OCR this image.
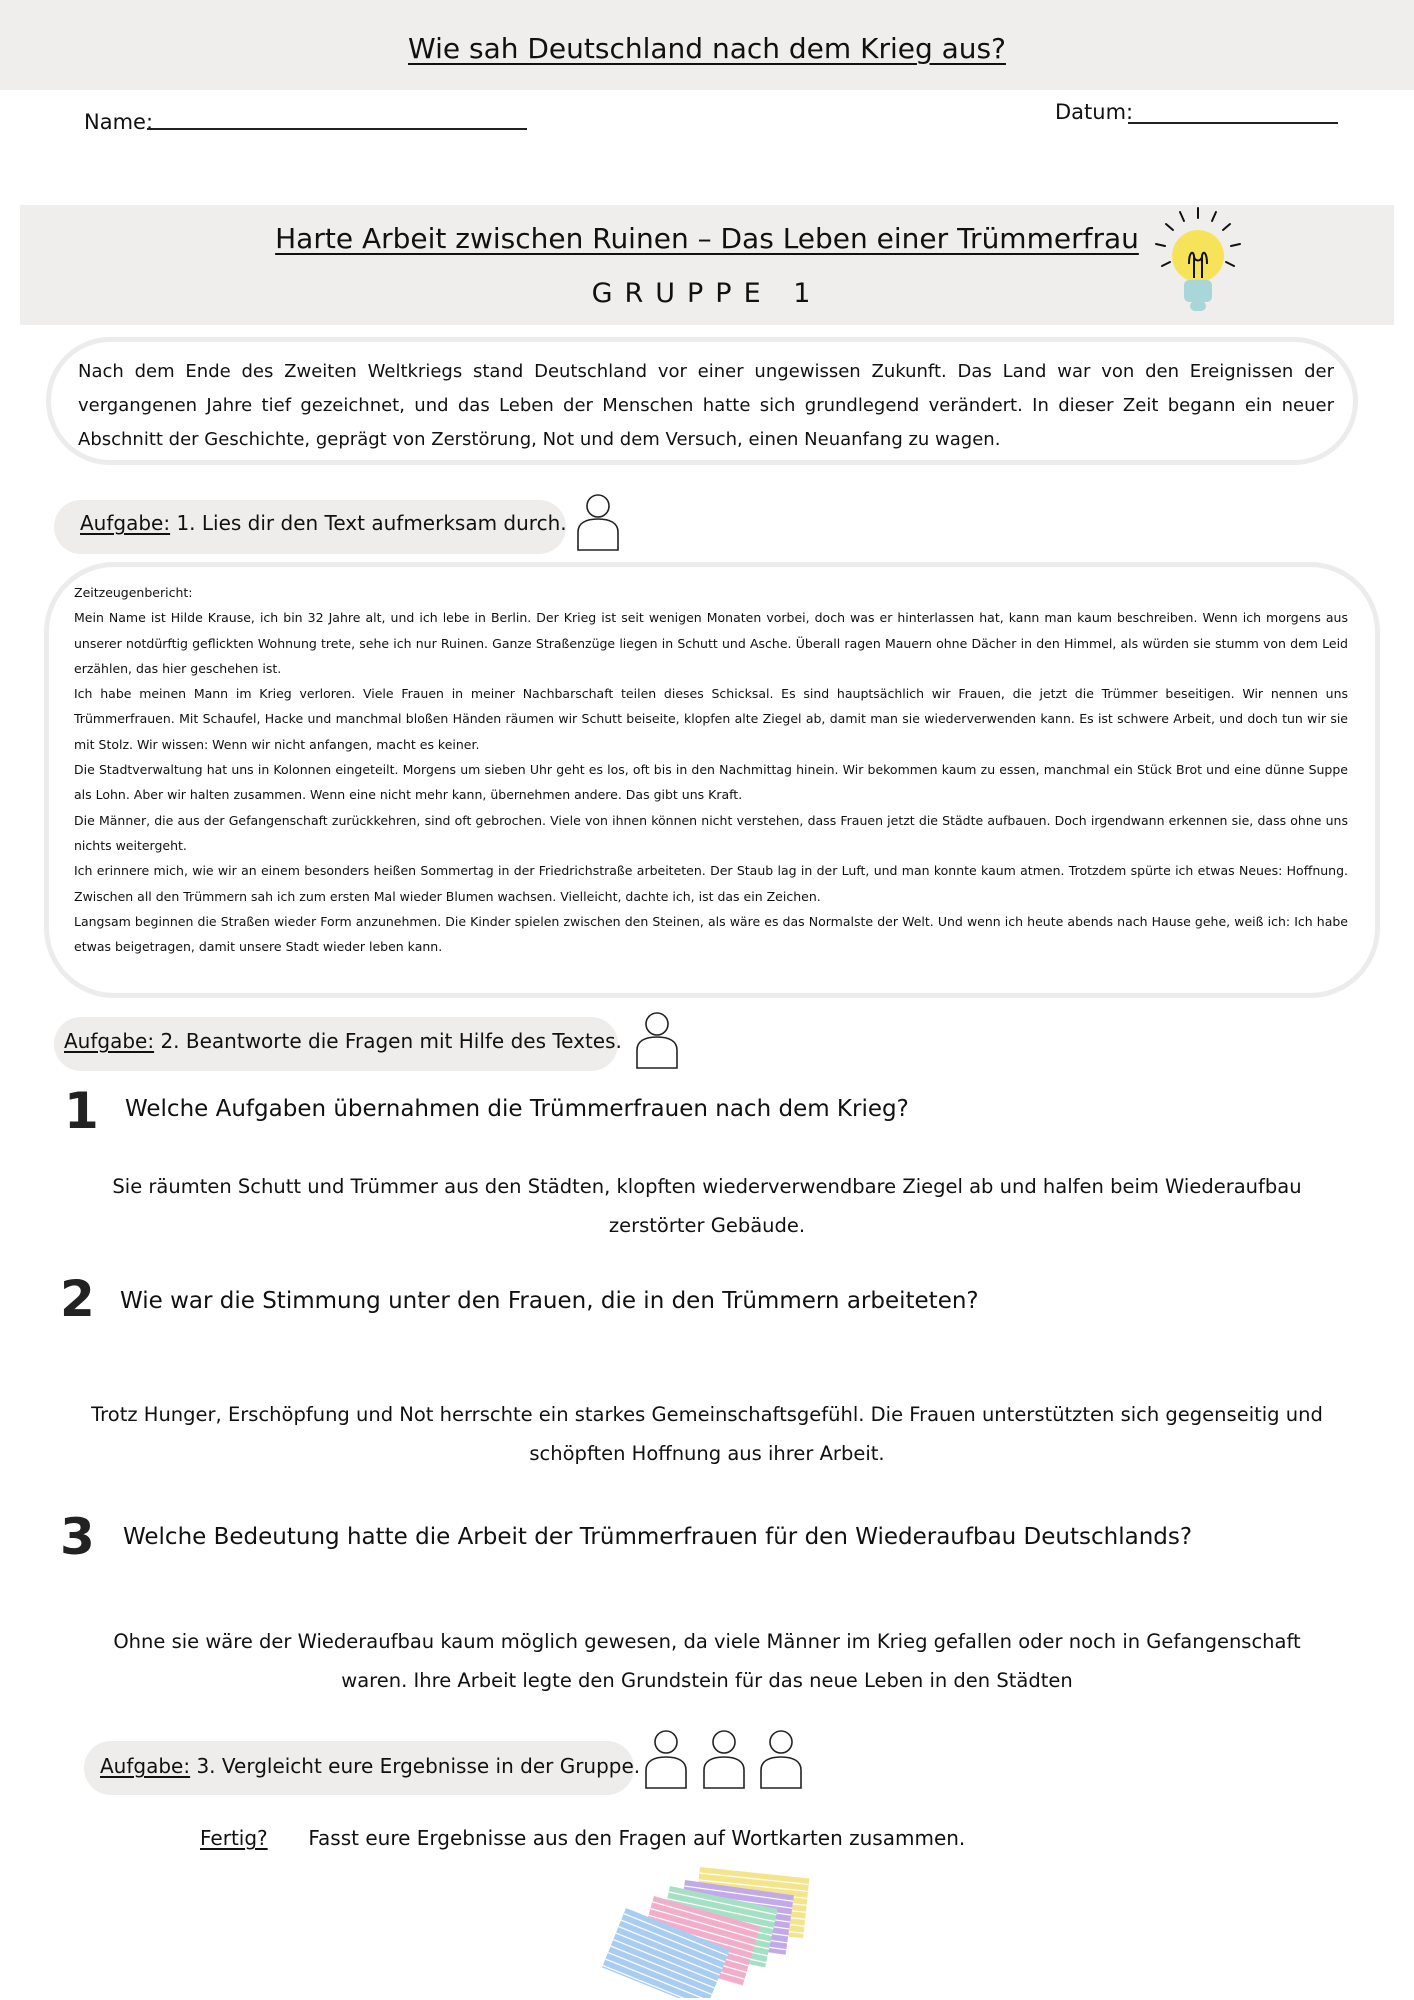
Wie sah Deutschland nach dem Krieg aus?
Name:	Datum:
Harte Arbeit zwischen Ruinen – Das Leben einer Trümmerfrau
GRUPPE 1
Nach dem Ende des Zweiten Weltkriegs stand Deutschland vor einer ungewissen Zukunft. Das Land war von den Ereignissen der vergangenen Jahre tief gezeichnet, und das Leben der Menschen hatte sich grundlegend verändert. In dieser Zeit begann ein neuer Abschnitt der Geschichte, geprägt von Zerstörung, Not und dem Versuch, einen Neuanfang zu wagen.
Aufgabe: 1. Lies dir den Text aufmerksam durch.

Zeitzeugenbericht:

Mein Name ist Hilde Krause, ich bin 32 Jahre alt, und ich lebe in Berlin. Der Krieg ist seit wenigen Monaten vorbei, doch was er hinterlassen hat, kann man kaum beschreiben. Wenn ich morgens aus unserer notdürftig geflickten Wohnung trete, sehe ich nur Ruinen. Ganze Straßenzüge liegen in Schutt und Asche. Überall ragen Mauern ohne Dächer in den Himmel, als würden sie stumm von dem Leid erzählen, das hier geschehen ist.

Ich habe meinen Mann im Krieg verloren. Viele Frauen in meiner Nachbarschaft teilen dieses Schicksal. Es sind hauptsächlich wir Frauen, die jetzt die Trümmer beseitigen. Wir nennen uns Trümmerfrauen. Mit Schaufel, Hacke und manchmal bloßen Händen räumen wir Schutt beiseite, klopfen alte Ziegel ab, damit man sie wiederverwenden kann. Es ist schwere Arbeit, und doch tun wir sie mit Stolz. Wir wissen: Wenn wir nicht anfangen, macht es keiner.

Die Stadtverwaltung hat uns in Kolonnen eingeteilt. Morgens um sieben Uhr geht es los, oft bis in den Nachmittag hinein. Wir bekommen kaum zu essen, manchmal ein Stück Brot und eine dünne Suppe als Lohn. Aber wir halten zusammen. Wenn eine nicht mehr kann, übernehmen andere. Das gibt uns Kraft.

Die Männer, die aus der Gefangenschaft zurückkehren, sind oft gebrochen. Viele von ihnen können nicht verstehen, dass Frauen jetzt die Städte aufbauen. Doch irgendwann erkennen sie, dass ohne uns nichts weitergeht.

Ich erinnere mich, wie wir an einem besonders heißen Sommertag in der Friedrichstraße arbeiteten. Der Staub lag in der Luft, und man konnte kaum atmen. Trotzdem spürte ich etwas Neues: Hoffnung. Zwischen all den Trümmern sah ich zum ersten Mal wieder Blumen wachsen. Vielleicht, dachte ich, ist das ein Zeichen.

Langsam beginnen die Straßen wieder Form anzunehmen. Die Kinder spielen zwischen den Steinen, als wäre es das Normalste der Welt. Und wenn ich heute abends nach Hause gehe, weiß ich: Ich habe etwas beigetragen, damit unsere Stadt wieder leben kann.

Aufgabe: 2. Beantworte die Fragen mit Hilfe des Textes.
1 Welche Aufgaben übernahmen die Trümmerfrauen nach dem Krieg?
Sie räumten Schutt und Trümmer aus den Städten, klopften wiederverwendbare Ziegel ab und halfen beim Wiederaufbau zerstörter Gebäude.
2 Wie war die Stimmung unter den Frauen, die in den Trümmern arbeiteten?
Trotz Hunger, Erschöpfung und Not herrschte ein starkes Gemeinschaftsgefühl. Die Frauen unterstützten sich gegenseitig und schöpften Hoffnung aus ihrer Arbeit.
3 Welche Bedeutung hatte die Arbeit der Trümmerfrauen für den Wiederaufbau Deutschlands?
Ohne sie wäre der Wiederaufbau kaum möglich gewesen, da viele Männer im Krieg gefallen oder noch in Gefangenschaft waren. Ihre Arbeit legte den Grundstein für das neue Leben in den Städten
Aufgabe: 3. Vergleicht eure Ergebnisse in der Gruppe.
Fertig? Fasst eure Ergebnisse aus den Fragen auf Wortkarten zusammen.
